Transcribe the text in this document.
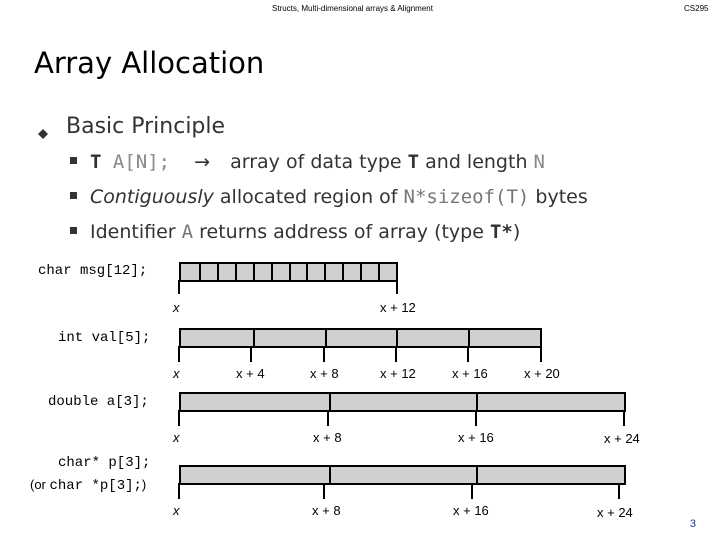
Structs, Multi-dimensional arrays & Alignment	CS295
Array Allocation
Basic Principle
T A[N]; → array of data type T and length N
Contiguously allocated region of N*sizeof(T) bytes
Identifier A returns address of array (type T*)
char msg[12];
x	x + 12
int val[5];
x	x + 4	x + 8	x + 12	x + 16	x + 20
double a[3];
x	x + 8	x + 16	x + 24
char* p[3];
(or char *p[3];)
x	x + 8	x + 16	x + 24
3
